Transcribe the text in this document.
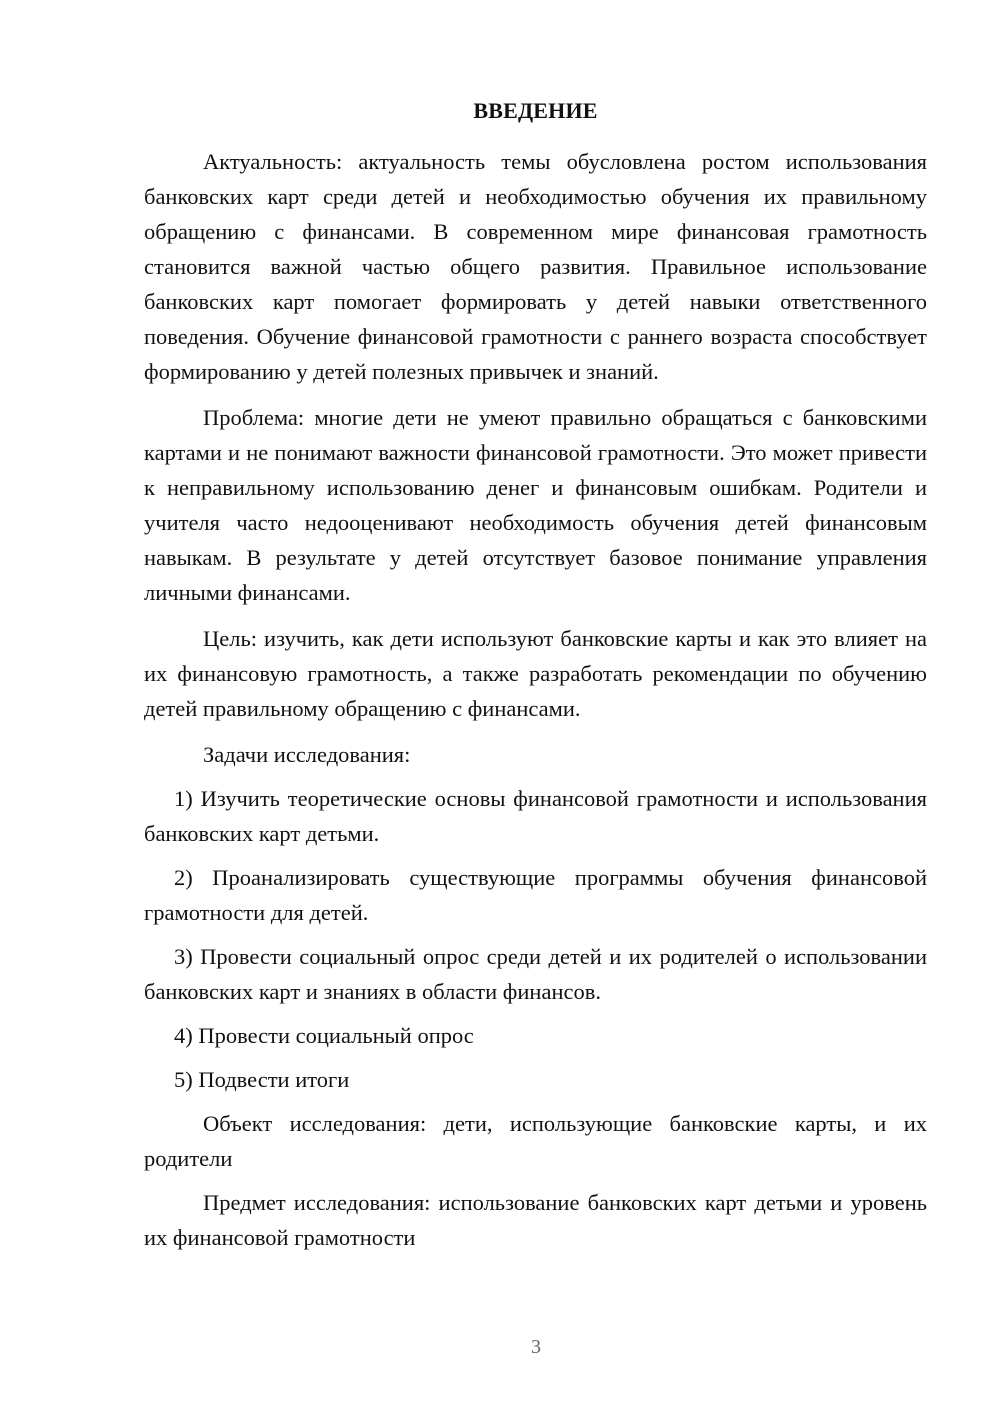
ВВЕДЕНИЕ

Актуальность: актуальность темы обусловлена ростом использования банковских карт среди детей и необходимостью обучения их правильному обращению с финансами. В современном мире финансовая грамотность становится важной частью общего развития. Правильное использование банковских карт помогает формировать у детей навыки ответственного поведения. Обучение финансовой грамотности с раннего возраста способствует формированию у детей полезных привычек и знаний.

Проблема: многие дети не умеют правильно обращаться с банковскими картами и не понимают важности финансовой грамотности. Это может привести к неправильному использованию денег и финансовым ошибкам. Родители и учителя часто недооценивают необходимость обучения детей финансовым навыкам. В результате у детей отсутствует базовое понимание управления личными финансами.

Цель: изучить, как дети используют банковские карты и как это влияет на их финансовую грамотность, а также разработать рекомендации по обучению детей правильному обращению с финансами.

Задачи исследования:

1) Изучить теоретические основы финансовой грамотности и использования банковских карт детьми.

2) Проанализировать существующие программы обучения финансовой грамотности для детей.

3) Провести социальный опрос среди детей и их родителей о использовании банковских карт и знаниях в области финансов.

4) Провести социальный опрос

5) Подвести итоги

Объект исследования: дети, использующие банковские карты, и их родители

Предмет исследования: использование банковских карт детьми и уровень их финансовой грамотности

3
